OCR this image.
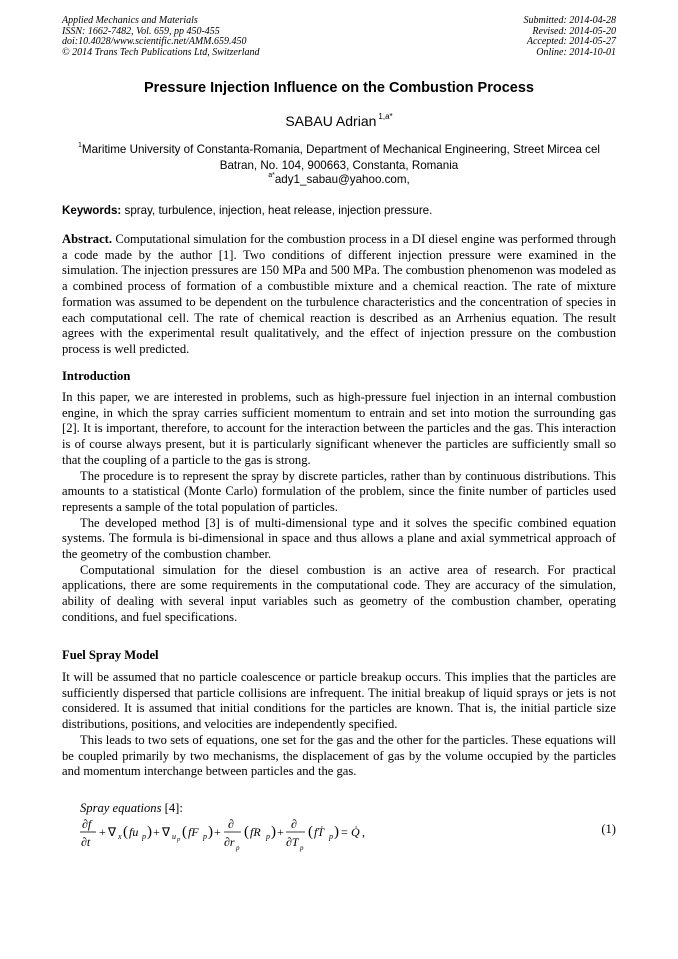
Applied Mechanics and Materials
ISSN: 1662-7482, Vol. 659, pp 450-455
doi:10.4028/www.scientific.net/AMM.659.450
© 2014 Trans Tech Publications Ltd, Switzerland
Submitted: 2014-04-28
Revised: 2014-05-20
Accepted: 2014-05-27
Online: 2014-10-01
Pressure Injection Influence on the Combustion Process
SABAU Adrian $^{1,a*}$
$^1$Maritime University of Constanta-Romania, Department of Mechanical Engineering, Street Mircea cel Batran, No. 104, 900663, Constanta, Romania
$^{a*}$ady1_sabau@yahoo.com,
Keywords: spray, turbulence, injection, heat release, injection pressure.

Abstract. Computational simulation for the combustion process in a DI diesel engine was performed through a code made by the author [1]. Two conditions of different injection pressure were examined in the simulation. The injection pressures are 150 MPa and 500 MPa. The combustion phenomenon was modeled as a combined process of formation of a combustible mixture and a chemical reaction. The rate of mixture formation was assumed to be dependent on the turbulence characteristics and the concentration of species in each computational cell. The rate of chemical reaction is described as an Arrhenius equation. The result agrees with the experimental result qualitatively, and the effect of injection pressure on the combustion process is well predicted.

Introduction

In this paper, we are interested in problems, such as high-pressure fuel injection in an internal combustion engine, in which the spray carries sufficient momentum to entrain and set into motion the surrounding gas [2]. It is important, therefore, to account for the interaction between the particles and the gas. This interaction is of course always present, but it is particularly significant whenever the particles are sufficiently small so that the coupling of a particle to the gas is strong.

The procedure is to represent the spray by discrete particles, rather than by continuous distributions. This amounts to a statistical (Monte Carlo) formulation of the problem, since the finite number of particles used represents a sample of the total population of particles.

The developed method [3] is of multi-dimensional type and it solves the specific combined equation systems. The formula is bi-dimensional in space and thus allows a plane and axial symmetrical approach of the geometry of the combustion chamber.

Computational simulation for the diesel combustion is an active area of research. For practical applications, there are some requirements in the computational code. They are accuracy of the simulation, ability of dealing with several input variables such as geometry of the combustion chamber, operating conditions, and fuel specifications.

Fuel Spray Model

It will be assumed that no particle coalescence or particle breakup occurs. This implies that the particles are sufficiently dispersed that particle collisions are infrequent. The initial breakup of liquid sprays or jets is not considered. It is assumed that initial conditions for the particles are known. That is, the initial particle size distributions, positions, and velocities are independently specified.

This leads to two sets of equations, one set for the gas and the other for the particles. These equations will be coupled primarily by two mechanisms, the displacement of gas by the volume occupied by the particles and momentum interchange between particles and the gas.

Spray equations [4]:
∂f
∂t
+ ∇ x ( fu p ) + ∇ u p ( fF p ) +
∂
∂r p
( fR p ) +
∂
∂T p
( fṪ p ) = Q̇ ,	(1)
